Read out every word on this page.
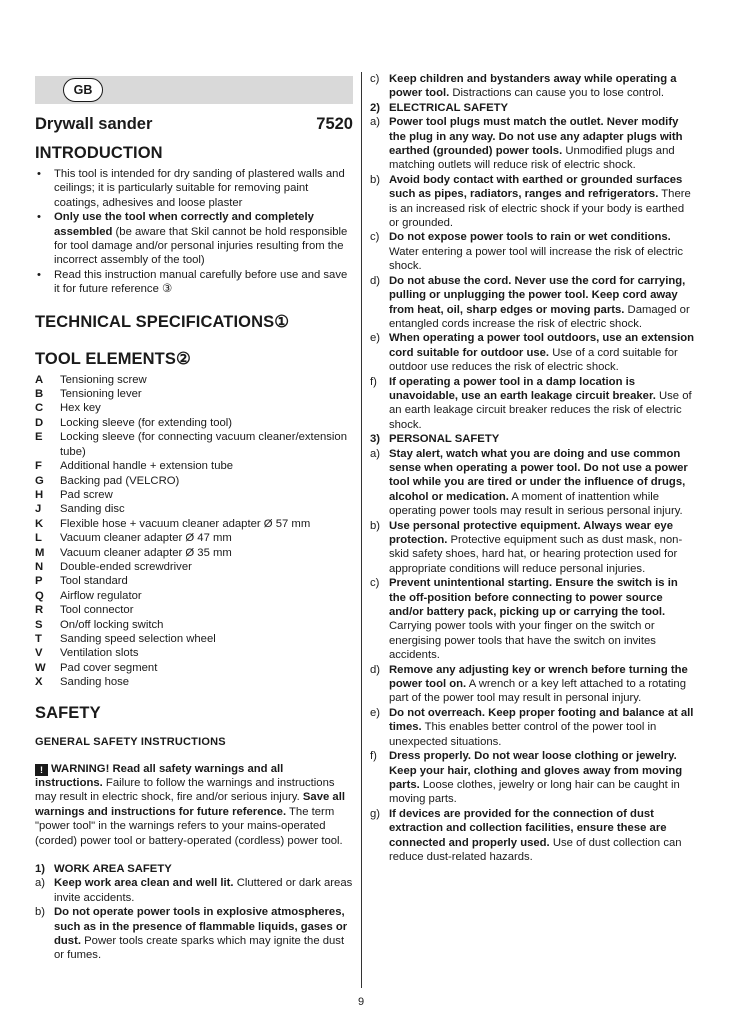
GB
Drywall sander	7520
INTRODUCTION
• This tool is intended for dry sanding of plastered walls and ceilings; it is particularly suitable for removing paint coatings, adhesives and loose plaster
• Only use the tool when correctly and completely assembled (be aware that Skil cannot be hold responsible for tool damage and/or personal injuries resulting from the incorrect assembly of the tool)
• Read this instruction manual carefully before use and save it for future reference ③
TECHNICAL SPECIFICATIONS①
TOOL ELEMENTS②
A	Tensioning screw
B	Tensioning lever
C	Hex key
D	Locking sleeve (for extending tool)
E	Locking sleeve (for connecting vacuum cleaner/extension tube)
F	Additional handle + extension tube
G	Backing pad (VELCRO)
H	Pad screw
J	Sanding disc
K	Flexible hose + vacuum cleaner adapter Ø 57 mm
L	Vacuum cleaner adapter Ø 47 mm
M	Vacuum cleaner adapter Ø 35 mm
N	Double-ended screwdriver
P	Tool standard
Q	Airflow regulator
R	Tool connector
S	On/off locking switch
T	Sanding speed selection wheel
V	Ventilation slots
W	Pad cover segment
X	Sanding hose
SAFETY
GENERAL SAFETY INSTRUCTIONS
! WARNING! Read all safety warnings and all instructions. Failure to follow the warnings and instructions may result in electric shock, fire and/or serious injury. Save all warnings and instructions for future reference. The term "power tool" in the warnings refers to your mains-operated (corded) power tool or battery-operated (cordless) power tool.
1) WORK AREA SAFETY
a) Keep work area clean and well lit. Cluttered or dark areas invite accidents.
b) Do not operate power tools in explosive atmospheres, such as in the presence of flammable liquids, gases or dust. Power tools create sparks which may ignite the dust or fumes.
c) Keep children and bystanders away while operating a power tool. Distractions can cause you to lose control.
2) ELECTRICAL SAFETY
a) Power tool plugs must match the outlet. Never modify the plug in any way. Do not use any adapter plugs with earthed (grounded) power tools. Unmodified plugs and matching outlets will reduce risk of electric shock.
b) Avoid body contact with earthed or grounded surfaces such as pipes, radiators, ranges and refrigerators. There is an increased risk of electric shock if your body is earthed or grounded.
c) Do not expose power tools to rain or wet conditions. Water entering a power tool will increase the risk of electric shock.
d) Do not abuse the cord. Never use the cord for carrying, pulling or unplugging the power tool. Keep cord away from heat, oil, sharp edges or moving parts. Damaged or entangled cords increase the risk of electric shock.
e) When operating a power tool outdoors, use an extension cord suitable for outdoor use. Use of a cord suitable for outdoor use reduces the risk of electric shock.
f)	If operating a power tool in a damp location is unavoidable, use an earth leakage circuit breaker. Use of an earth leakage circuit breaker reduces the risk of electric shock.
3) PERSONAL SAFETY
a) Stay alert, watch what you are doing and use common sense when operating a power tool. Do not use a power tool while you are tired or under the influence of drugs, alcohol or medication. A moment of inattention while operating power tools may result in serious personal injury.
b) Use personal protective equipment. Always wear eye protection. Protective equipment such as dust mask, non-skid safety shoes, hard hat, or hearing protection used for appropriate conditions will reduce personal injuries.
c) Prevent unintentional starting. Ensure the switch is in the off-position before connecting to power source and/or battery pack, picking up or carrying the tool. Carrying power tools with your finger on the switch or energising power tools that have the switch on invites accidents.
d) Remove any adjusting key or wrench before turning the power tool on. A wrench or a key left attached to a rotating part of the power tool may result in personal injury.
e) Do not overreach. Keep proper footing and balance at all times. This enables better control of the power tool in unexpected situations.
f)	Dress properly. Do not wear loose clothing or jewelry. Keep your hair, clothing and gloves away from moving parts. Loose clothes, jewelry or long hair can be caught in moving parts.
g) If devices are provided for the connection of dust extraction and collection facilities, ensure these are connected and properly used. Use of dust collection can reduce dust-related hazards.
9
